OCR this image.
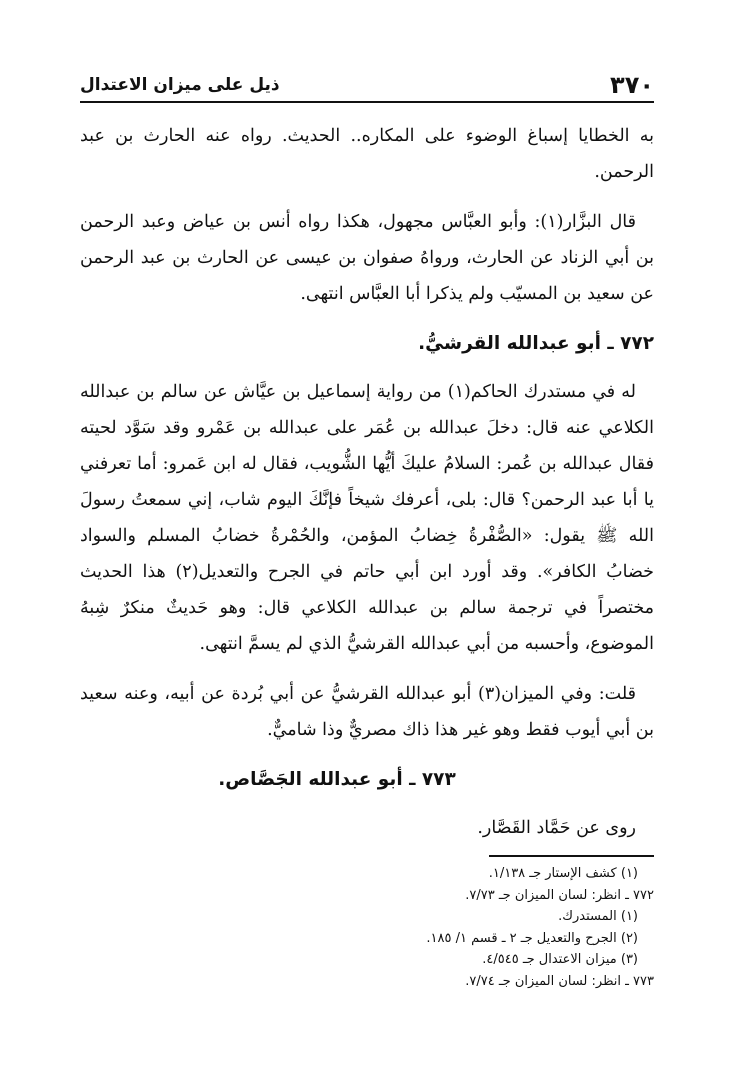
٣٧٠
ذيل على ميزان الاعتدال

به الخطايا إسباغ الوضوء على المكاره.. الحديث. رواه عنه الحارث بن عبد الرحمن.

قال البزَّار(١): وأبو العبَّاس مجهول، هكذا رواه أنس بن عياض وعبد الرحمن بن أبي الزناد عن الحارث، ورواهُ صفوان بن عيسى عن الحارث بن عبد الرحمن عن سعيد بن المسيّب ولم يذكرا أبا العبَّاس انتهى.

٧٧٢ ـ أبو عبدالله القرشيُّ.

له في مستدرك الحاكم(١) من رواية إسماعيل بن عيَّاش عن سالم بن عبدالله الكلاعي عنه قال: دخلَ عبدالله بن عُمَر على عبدالله بن عَمْرو وقد سَوَّد لحيته فقال عبدالله بن عُمر: السلامُ عليكَ أيُّها الشُّويب، فقال له ابن عَمرو: أما تعرفني يا أبا عبد الرحمن؟ قال: بلى، أعرفك شيخاً فإنَّكَ اليوم شاب، إني سمعتُ رسولَ الله ﷺ يقول: «الصُّفْرةُ خِضابُ المؤمن، والحُمْرةُ خضابُ المسلم والسواد خضابُ الكافر». وقد أورد ابن أبي حاتم في الجرح والتعديل(٢) هذا الحديث مختصراً في ترجمة سالم بن عبدالله الكلاعي قال: وهو حَديثٌ منكرٌ شِبهُ الموضوع، وأحسبه من أبي عبدالله القرشيُّ الذي لم يسمَّ انتهى.

قلت: وفي الميزان(٣) أبو عبدالله القرشيُّ عن أبي بُردة عن أبيه، وعنه سعيد بن أبي أيوب فقط وهو غير هذا ذاك مصريٌّ وذا شاميٌّ.

٧٧٣ ـ أبو عبدالله الجَصَّاص.

روى عن حَمَّاد القَصَّار.

(١) كشف الإستار جـ ١/١٣٨.
٧٧٢ ـ انظر: لسان الميزان جـ ٧/٧٣.
(١) المستدرك.
(٢) الجرح والتعديل جـ ٢ ـ قسم ١/ ١٨٥.
(٣) ميزان الاعتدال جـ ٤/٥٤٥.
٧٧٣ ـ انظر: لسان الميزان جـ ٧/٧٤.
